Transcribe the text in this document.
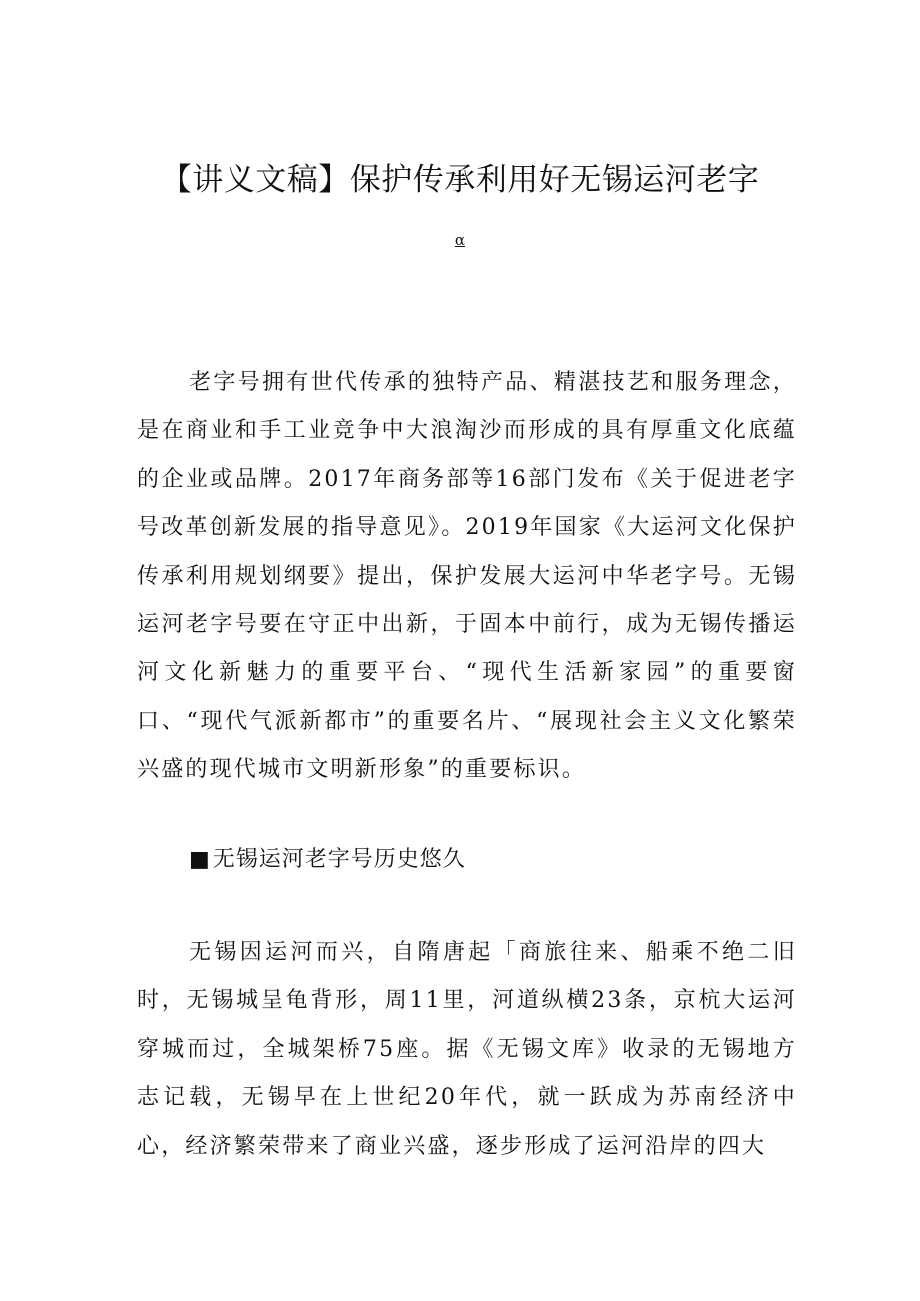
【讲义文稿】保护传承利用好无锡运河老字
α

老字号拥有世代传承的独特产品、精湛技艺和服务理念，是在商业和手工业竞争中大浪淘沙而形成的具有厚重文化底蕴的企业或品牌。2017年商务部等16部门发布《关于促进老字号改革创新发展的指导意见》。2019年国家《大运河文化保护传承利用规划纲要》提出，保护发展大运河中华老字号。无锡运河老字号要在守正中出新，于固本中前行，成为无锡传播运河文化新魅力的重要平台、“现代生活新家园”的重要窗口、“现代气派新都市”的重要名片、“展现社会主义文化繁荣兴盛的现代城市文明新形象”的重要标识。

■无锡运河老字号历史悠久

无锡因运河而兴，自隋唐起「商旅往来、船乘不绝二旧时，无锡城呈龟背形，周11里，河道纵横23条，京杭大运河穿城而过，全城架桥75座。据《无锡文库》收录的无锡地方志记载，无锡早在上世纪20年代，就一跃成为苏南经济中心，经济繁荣带来了商业兴盛，逐步形成了运河沿岸的四大
